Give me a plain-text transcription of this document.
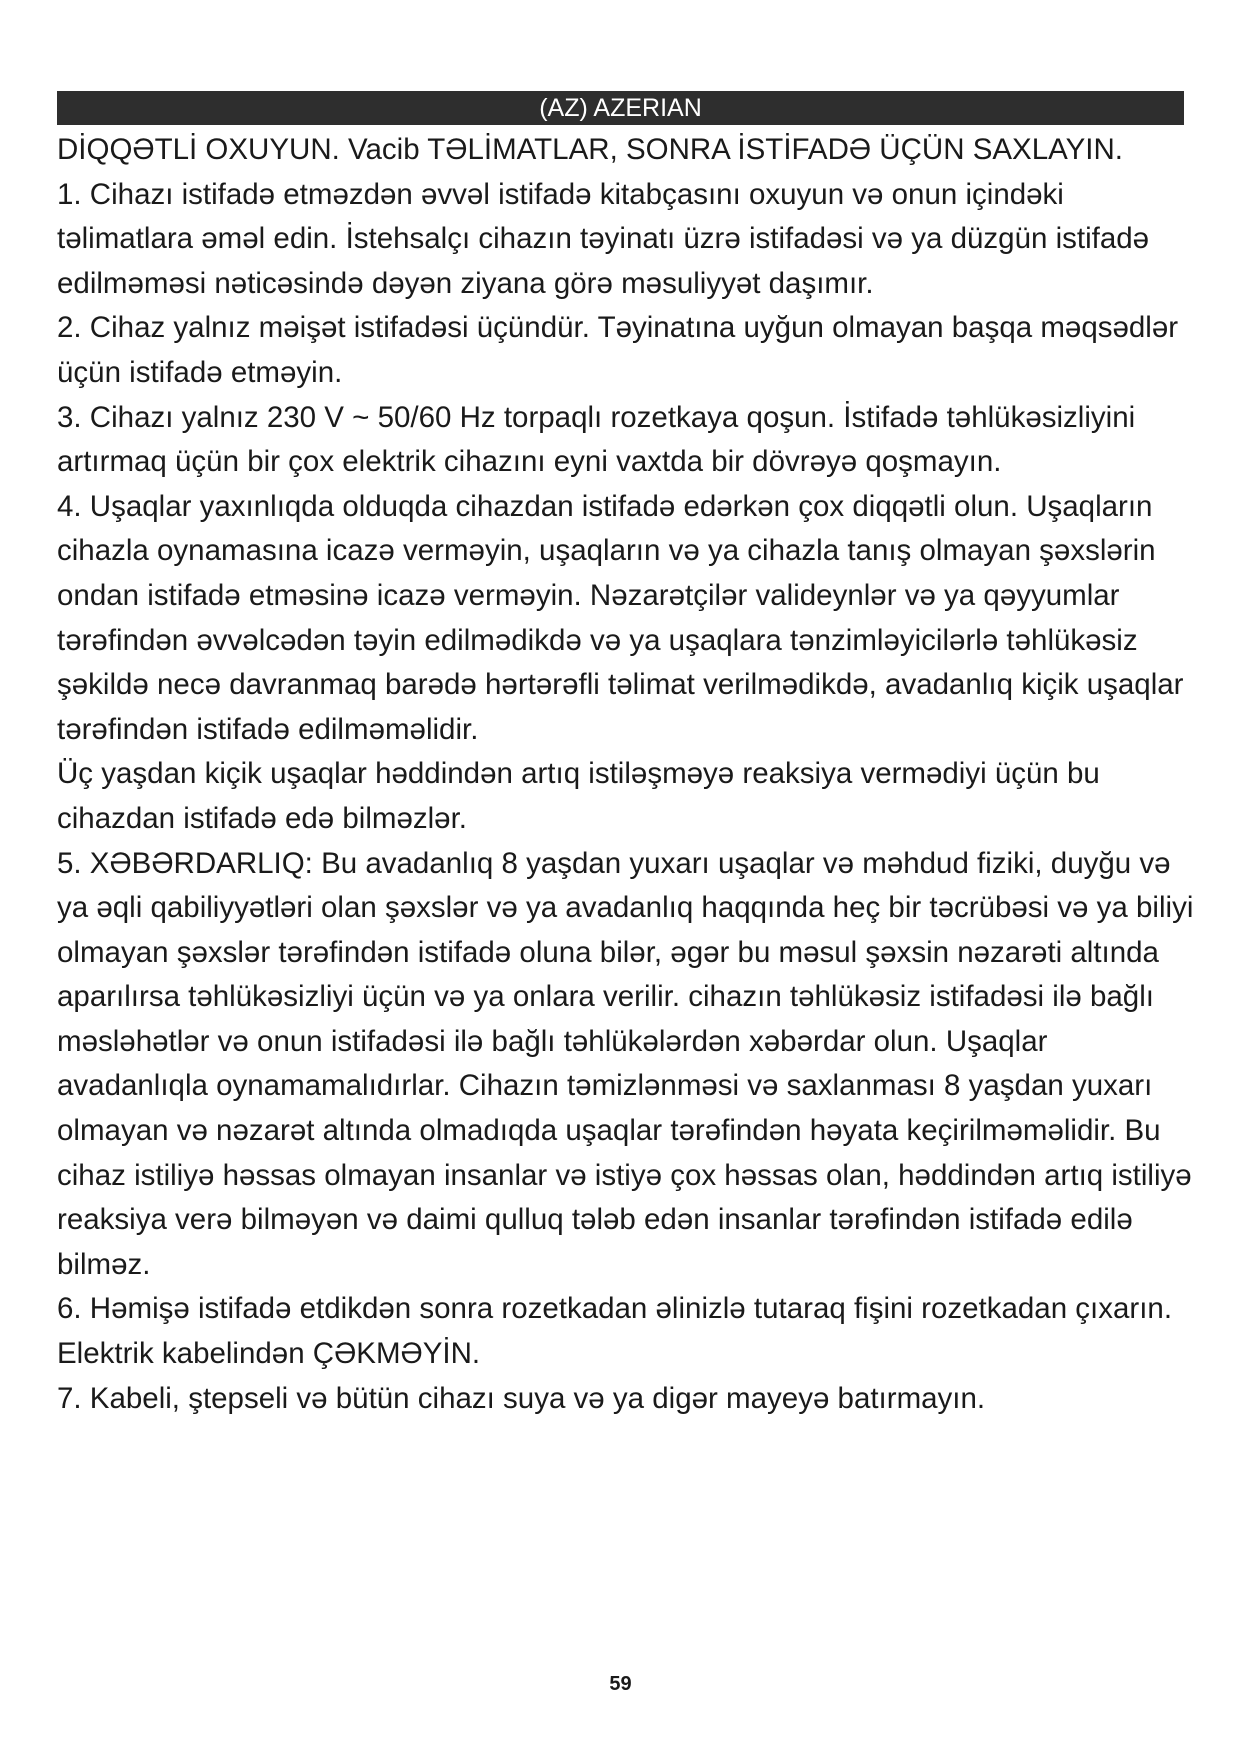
(AZ) AZERIAN

DİQQƏTLİ OXUYUN. Vacib TƏLİMATLAR, SONRA İSTİFADƏ ÜÇÜN SAXLAYIN.

1. Cihazı istifadə etməzdən əvvəl istifadə kitabçasını oxuyun və onun içindəki təlimatlara əməl edin. İstehsalçı cihazın təyinatı üzrə istifadəsi və ya düzgün istifadə edilməməsi nəticəsində dəyən ziyana görə məsuliyyət daşımır.

2. Cihaz yalnız məişət istifadəsi üçündür. Təyinatına uyğun olmayan başqa məqsədlər üçün istifadə etməyin.

3. Cihazı yalnız 230 V ~ 50/60 Hz torpaqlı rozetkaya qoşun. İstifadə təhlükəsizliyini artırmaq üçün bir çox elektrik cihazını eyni vaxtda bir dövrəyə qoşmayın.

4. Uşaqlar yaxınlıqda olduqda cihazdan istifadə edərkən çox diqqətli olun. Uşaqların cihazla oynamasına icazə verməyin, uşaqların və ya cihazla tanış olmayan şəxslərin ondan istifadə etməsinə icazə verməyin. Nəzarətçilər valideynlər və ya qəyyumlar tərəfindən əvvəlcədən təyin edilmədikdə və ya uşaqlara tənzimləyicilərlə təhlükəsiz şəkildə necə davranmaq barədə hərtərəfli təlimat verilmədikdə, avadanlıq kiçik uşaqlar tərəfindən istifadə edilməməlidir.

Üç yaşdan kiçik uşaqlar həddindən artıq istiləşməyə reaksiya vermədiyi üçün bu cihazdan istifadə edə bilməzlər.

5. XƏBƏRDARLIQ: Bu avadanlıq 8 yaşdan yuxarı uşaqlar və məhdud fiziki, duyğu və ya əqli qabiliyyətləri olan şəxslər və ya avadanlıq haqqında heç bir təcrübəsi və ya biliyi olmayan şəxslər tərəfindən istifadə oluna bilər, əgər bu məsul şəxsin nəzarəti altında aparılırsa təhlükəsizliyi üçün və ya onlara verilir. cihazın təhlükəsiz istifadəsi ilə bağlı məsləhətlər və onun istifadəsi ilə bağlı təhlükələrdən xəbərdar olun. Uşaqlar avadanlıqla oynamamalıdırlar. Cihazın təmizlənməsi və saxlanması 8 yaşdan yuxarı olmayan və nəzarət altında olmadıqda uşaqlar tərəfindən həyata keçirilməməlidir. Bu cihaz istiliyə həssas olmayan insanlar və istiyə çox həssas olan, həddindən artıq istiliyə reaksiya verə bilməyən və daimi qulluq tələb edən insanlar tərəfindən istifadə edilə bilməz.

6. Həmişə istifadə etdikdən sonra rozetkadan əlinizlə tutaraq fişini rozetkadan çıxarın. Elektrik kabelindən ÇƏKMƏYİN.

7. Kabeli, ştepseli və bütün cihazı suya və ya digər mayeyə batırmayın.

59
